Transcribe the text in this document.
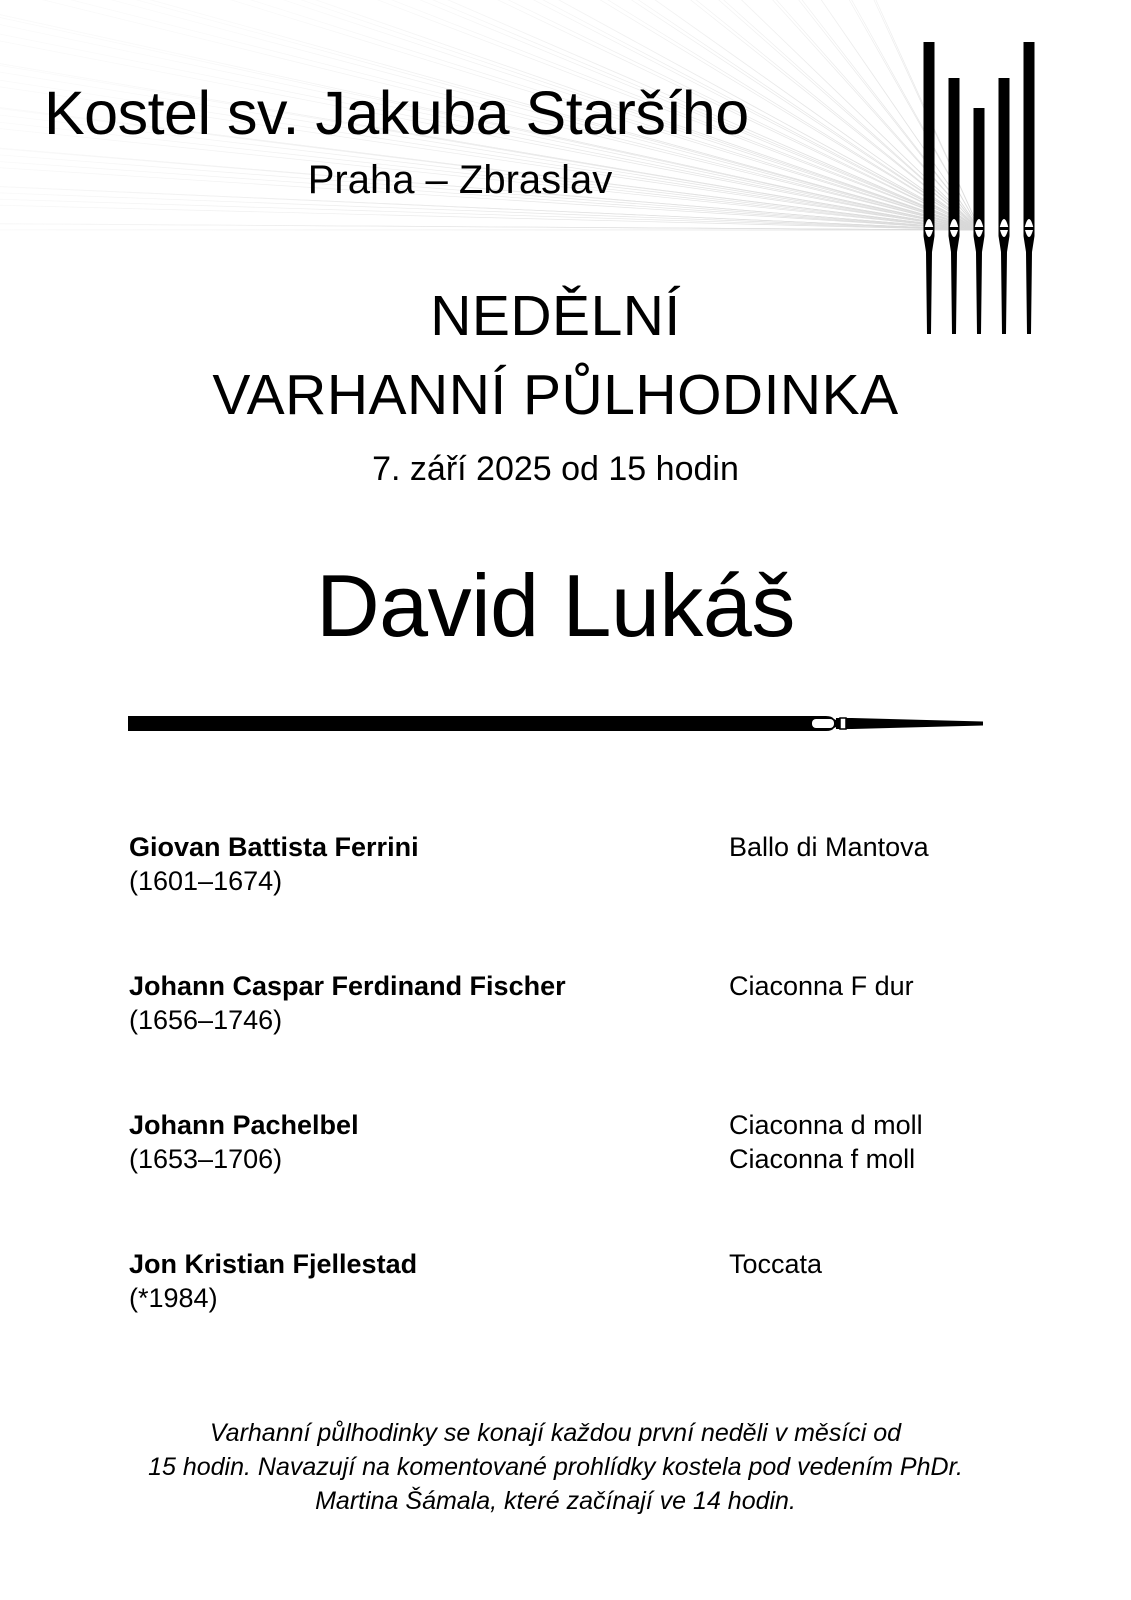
Kostel sv. Jakuba Staršího
Praha – Zbraslav
NEDĚLNÍ
VARHANNÍ PŮLHODINKA
7. září 2025 od 15 hodin
David Lukáš
Giovan Battista Ferrini
(1601–1674)
Ballo di Mantova
Johann Caspar Ferdinand Fischer
(1656–1746)
Ciaconna F dur
Johann Pachelbel
(1653–1706)
Ciaconna d moll
Ciaconna f moll
Jon Kristian Fjellestad
(*1984)
Toccata
Varhanní půlhodinky se konají každou první neděli v měsíci od
15 hodin. Navazují na komentované prohlídky kostela pod vedením PhDr.
Martina Šámala, které začínají ve 14 hodin.
